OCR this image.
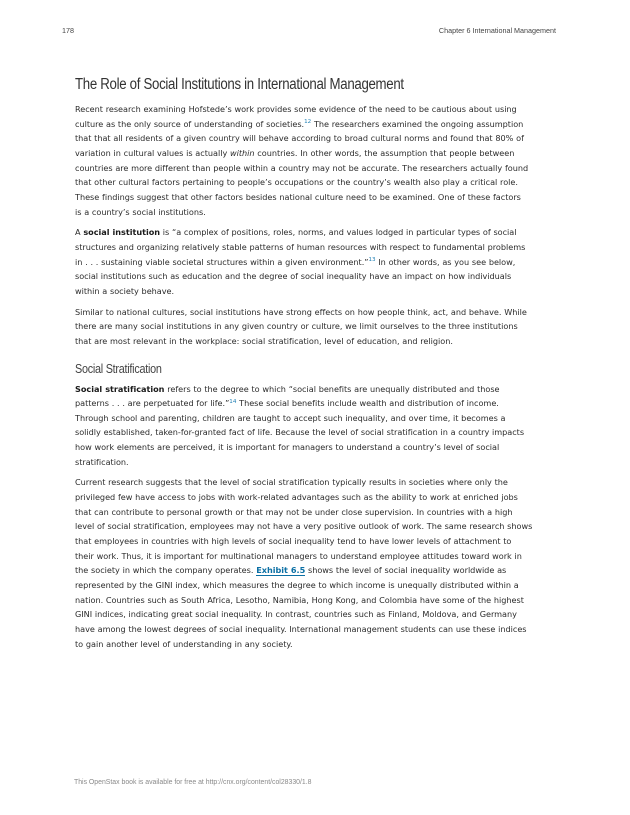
178	Chapter 6 International Management
The Role of Social Institutions in International Management

Recent research examining Hofstede’s work provides some evidence of the need to be cautious about using
culture as the only source of understanding of societies.$^{12}$ The researchers examined the ongoing assumption
that that all residents of a given country will behave according to broad cultural norms and found that 80% of
variation in cultural values is actually within countries. In other words, the assumption that people between
countries are more different than people within a country may not be accurate. The researchers actually found
that other cultural factors pertaining to people’s occupations or the country’s wealth also play a critical role.
These findings suggest that other factors besides national culture need to be examined. One of these factors
is a country’s social institutions.

A social institution is “a complex of positions, roles, norms, and values lodged in particular types of social
structures and organizing relatively stable patterns of human resources with respect to fundamental problems
in . . . sustaining viable societal structures within a given environment.”$^{13}$ In other words, as you see below,
social institutions such as education and the degree of social inequality have an impact on how individuals
within a society behave.

Similar to national cultures, social institutions have strong effects on how people think, act, and behave. While
there are many social institutions in any given country or culture, we limit ourselves to the three institutions
that are most relevant in the workplace: social stratification, level of education, and religion.

Social Stratification

Social stratification refers to the degree to which “social benefits are unequally distributed and those
patterns . . . are perpetuated for life.”$^{14}$ These social benefits include wealth and distribution of income.
Through school and parenting, children are taught to accept such inequality, and over time, it becomes a
solidly established, taken-for-granted fact of life. Because the level of social stratification in a country impacts
how work elements are perceived, it is important for managers to understand a country’s level of social
stratification.

Current research suggests that the level of social stratification typically results in societies where only the
privileged few have access to jobs with work-related advantages such as the ability to work at enriched jobs
that can contribute to personal growth or that may not be under close supervision. In countries with a high
level of social stratification, employees may not have a very positive outlook of work. The same research shows
that employees in countries with high levels of social inequality tend to have lower levels of attachment to
their work. Thus, it is important for multinational managers to understand employee attitudes toward work in
the society in which the company operates. Exhibit 6.5 shows the level of social inequality worldwide as
represented by the GINI index, which measures the degree to which income is unequally distributed within a
nation. Countries such as South Africa, Lesotho, Namibia, Hong Kong, and Colombia have some of the highest
GINI indices, indicating great social inequality. In contrast, countries such as Finland, Moldova, and Germany
have among the lowest degrees of social inequality. International management students can use these indices
to gain another level of understanding in any society.

This OpenStax book is available for free at http://cnx.org/content/col28330/1.8
